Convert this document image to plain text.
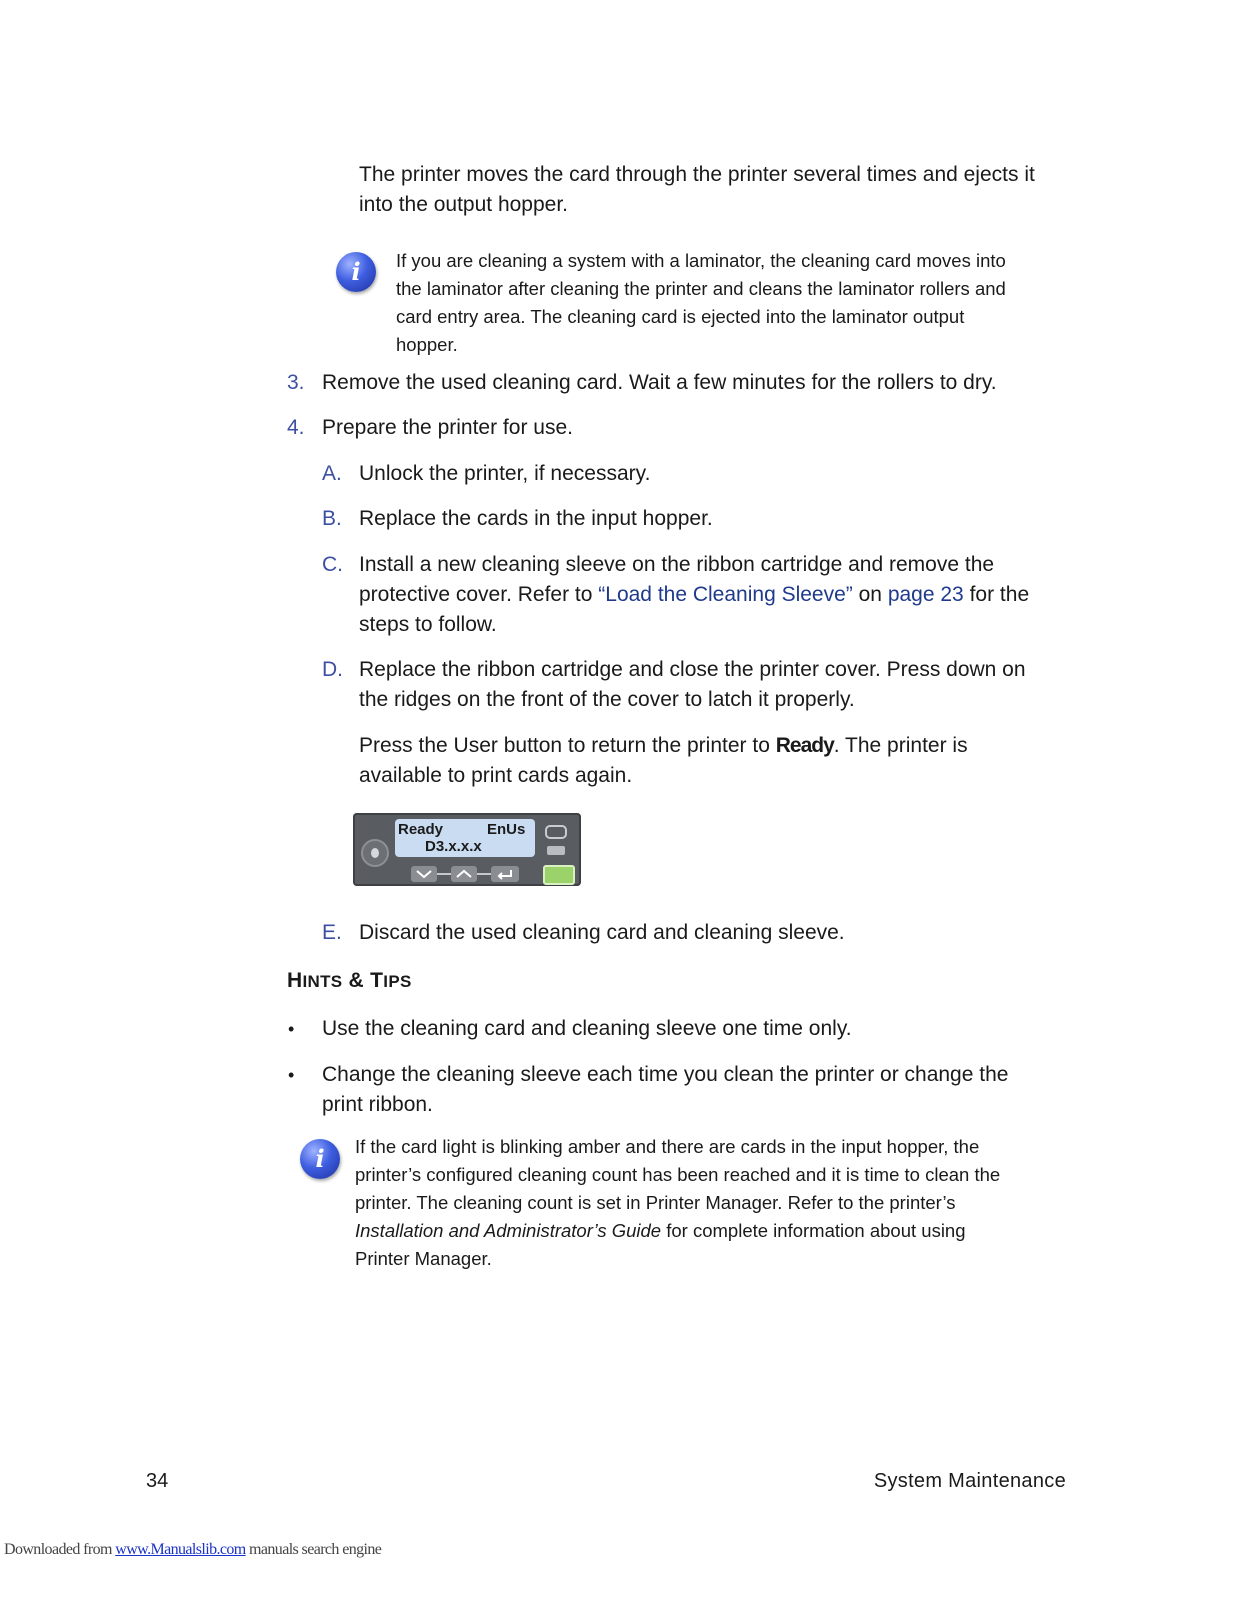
The printer moves the card through the printer several times and ejects it
into the output hopper.
i	If you are cleaning a system with a laminator, the cleaning card moves into
the laminator after cleaning the printer and cleans the laminator rollers and
card entry area. The cleaning card is ejected into the laminator output
hopper.
3. Remove the used cleaning card. Wait a few minutes for the rollers to dry.
4. Prepare the printer for use.
A. Unlock the printer, if necessary.
B. Replace the cards in the input hopper.
C. Install a new cleaning sleeve on the ribbon cartridge and remove the
protective cover. Refer to “Load the Cleaning Sleeve” on page 23 for the
steps to follow.
D. Replace the ribbon cartridge and close the printer cover. Press down on
the ridges on the front of the cover to latch it properly.
Press the User button to return the printer to Ready. The printer is
available to print cards again.
Ready	EnUs
D3.x.x.x
E. Discard the used cleaning card and cleaning sleeve.
HINTS & TIPS
• Use the cleaning card and cleaning sleeve one time only.
• Change the cleaning sleeve each time you clean the printer or change the
print ribbon.
i	If the card light is blinking amber and there are cards in the input hopper, the
printer’s configured cleaning count has been reached and it is time to clean the
printer. The cleaning count is set in Printer Manager. Refer to the printer’s
Installation and Administrator’s Guide for complete information about using
Printer Manager.
34	System Maintenance
Downloaded from www.Manualslib.com manuals search engine
